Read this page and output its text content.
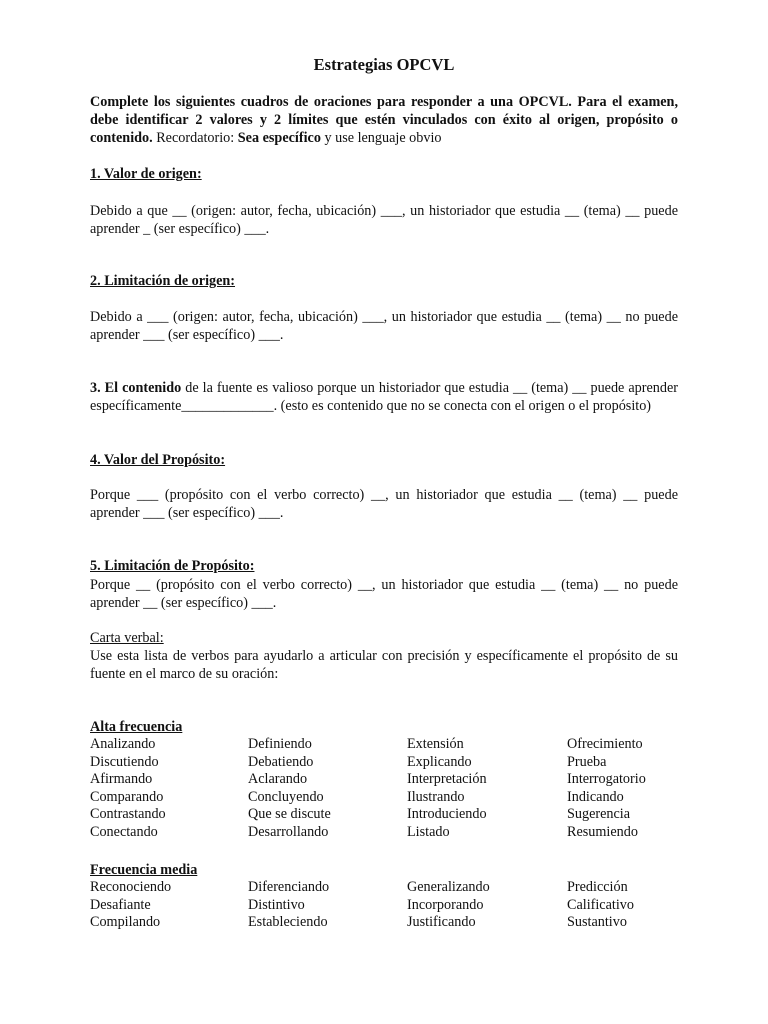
Estrategias OPCVL
Complete los siguientes cuadros de oraciones para responder a una OPCVL. Para el examen, debe identificar 2 valores y 2 límites que estén vinculados con éxito al origen, propósito o contenido. Recordatorio: Sea específico y use lenguaje obvio
1. Valor de origen:
Debido a que __ (origen: autor, fecha, ubicación) ___, un historiador que estudia __ (tema) __ puede aprender _ (ser específico) ___.
2. Limitación de origen:
Debido a ___ (origen: autor, fecha, ubicación) ___, un historiador que estudia __ (tema) __ no puede aprender ___ (ser específico) ___.
3. El contenido de la fuente es valioso porque un historiador que estudia __ (tema) __ puede aprender específicamente_____________. (esto es contenido que no se conecta con el origen o el propósito)
4. Valor del Propósito:
Porque ___ (propósito con el verbo correcto) __, un historiador que estudia __ (tema) __ puede aprender ___ (ser específico) ___.
5. Limitación de Propósito:
Porque __ (propósito con el verbo correcto) __, un historiador que estudia __ (tema) __ no puede aprender __ (ser específico) ___.
Carta verbal:
Use esta lista de verbos para ayudarlo a articular con precisión y específicamente el propósito de su fuente en el marco de su oración:
Alta frecuencia
Analizando	Definiendo	Extensión	Ofrecimiento
Discutiendo	Debatiendo	Explicando	Prueba
Afirmando	Aclarando	Interpretación	Interrogatorio
Comparando	Concluyendo	Ilustrando	Indicando
Contrastando	Que se discute	Introduciendo	Sugerencia
Conectando	Desarrollando	Listado	Resumiendo
Frecuencia media
Reconociendo	Diferenciando	Generalizando	Predicción
Desafiante	Distintivo	Incorporando	Calificativo
Compilando	Estableciendo	Justificando	Sustantivo
